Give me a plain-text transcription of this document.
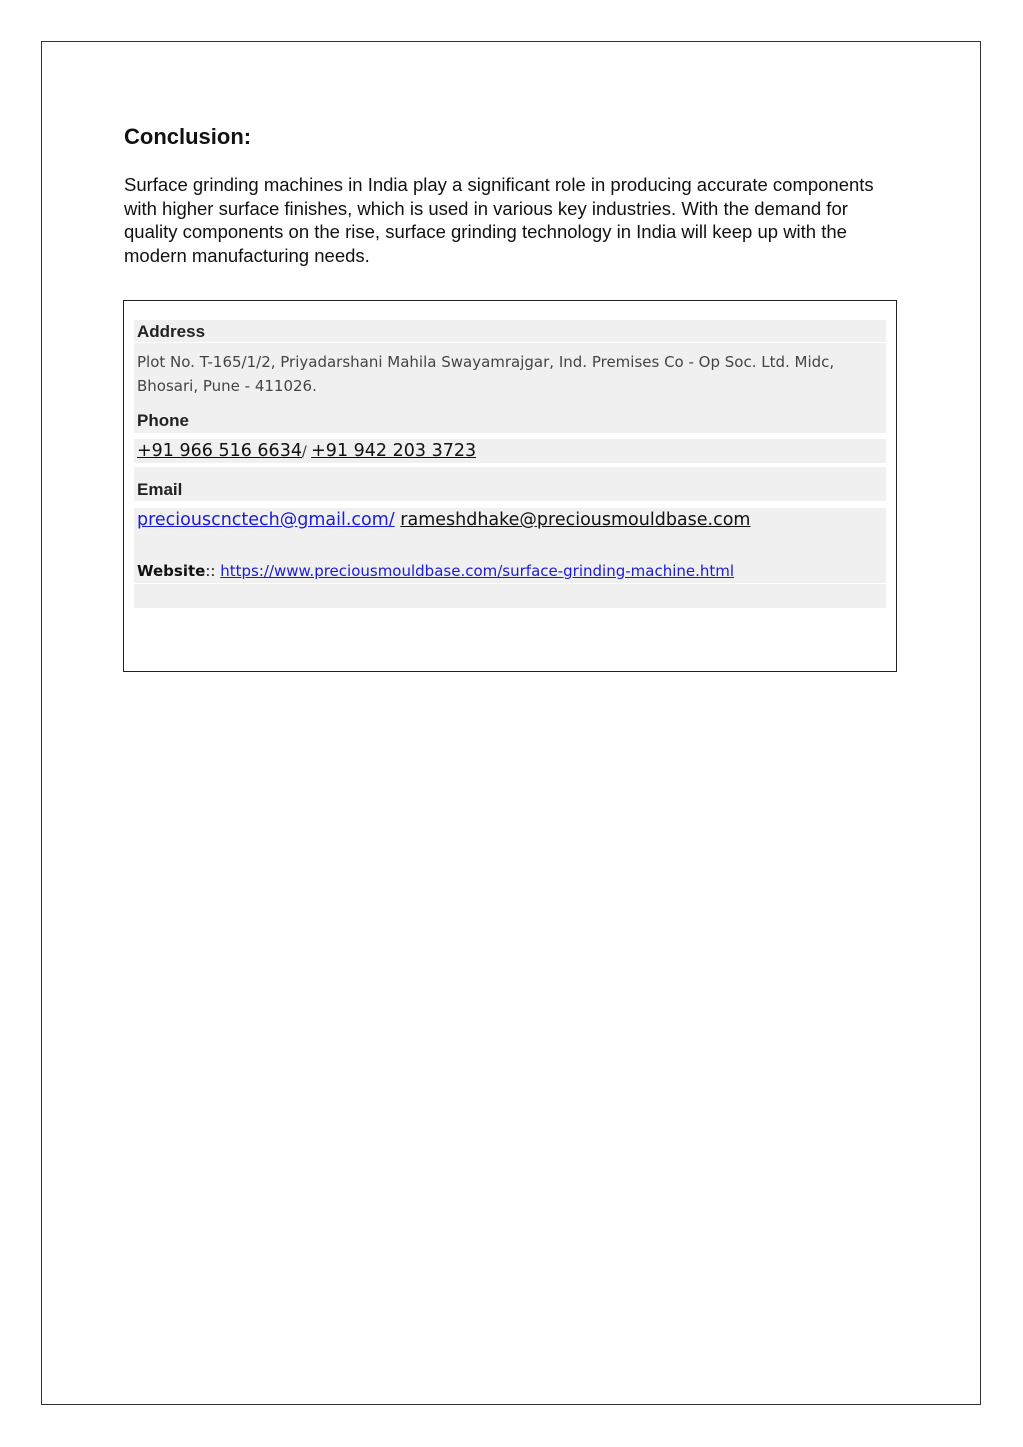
Conclusion:

Surface grinding machines in India play a significant role in producing accurate components with higher surface finishes, which is used in various key industries. With the demand for quality components on the rise, surface grinding technology in India will keep up with the modern manufacturing needs.

Address

Plot No. T-165/1/2, Priyadarshani Mahila Swayamrajgar, Ind. Premises Co - Op Soc. Ltd. Midc, Bhosari, Pune - 411026.

Phone

+91 966 516 6634/ +91 942 203 3723

Email

preciouscnctech@gmail.com/ rameshdhake@preciousmouldbase.com

Website:: https://www.preciousmouldbase.com/surface-grinding-machine.html
